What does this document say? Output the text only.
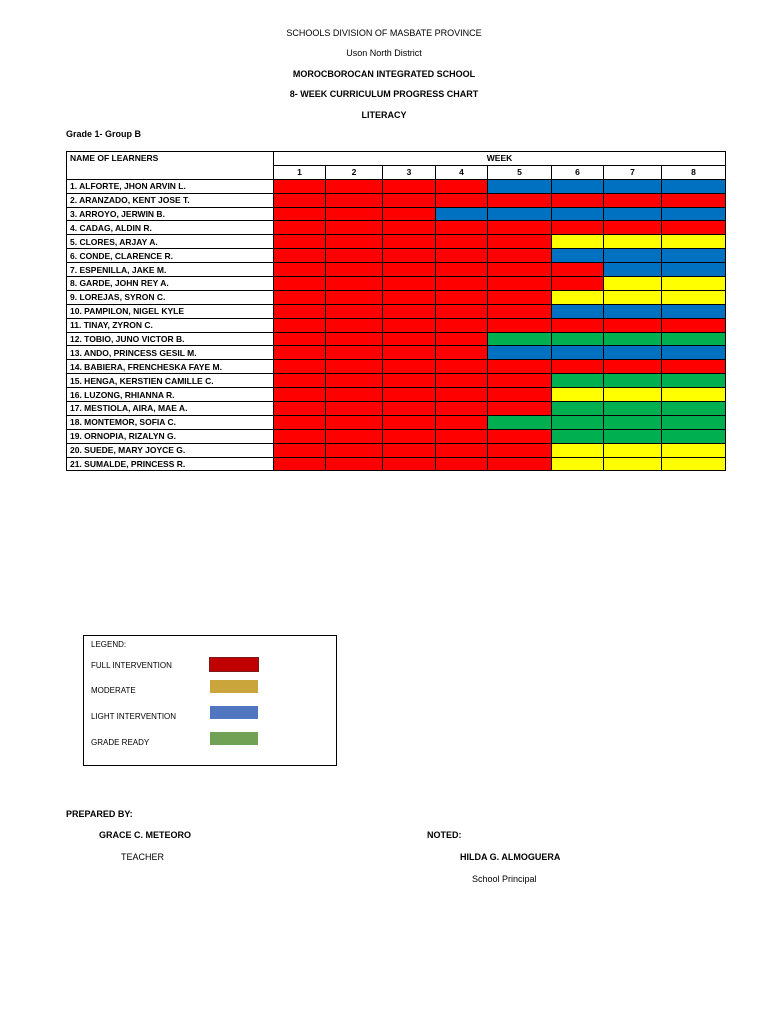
SCHOOLS DIVISION OF MASBATE PROVINCE
Uson North District
MOROCBOROCAN INTEGRATED SCHOOL
8- WEEK CURRICULUM PROGRESS CHART
LITERACY
Grade 1- Group B
NAME OF LEARNERS	WEEK							
	1	2	3	4	5	6	7	8
1. ALFORTE, JHON ARVIN L.								
2. ARANZADO, KENT JOSE T.								
3. ARROYO, JERWIN B.								
4. CADAG, ALDIN R.								
5. CLORES, ARJAY A.								
6. CONDE, CLARENCE R.								
7. ESPENILLA, JAKE M.								
8. GARDE, JOHN REY A.								
9. LOREJAS, SYRON C.								
10. PAMPILON, NIGEL KYLE								
11. TINAY, ZYRON C.								
12. TOBIO, JUNO VICTOR B.								
13. ANDO, PRINCESS GESIL M.								
14. BABIERA, FRENCHESKA FAYE M.								
15. HENGA, KERSTIEN CAMILLE C.								
16. LUZONG, RHIANNA R.								
17. MESTIOLA, AIRA, MAE A.								
18. MONTEMOR, SOFIA C.								
19. ORNOPIA, RIZALYN G.								
20. SUEDE, MARY JOYCE G.								
21. SUMALDE, PRINCESS R.								
LEGEND:
FULL INTERVENTION
MODERATE
LIGHT INTERVENTION
GRADE READY
PREPARED BY:
GRACE C. METEORO
TEACHER
NOTED:
HILDA G. ALMOGUERA
School Principal
